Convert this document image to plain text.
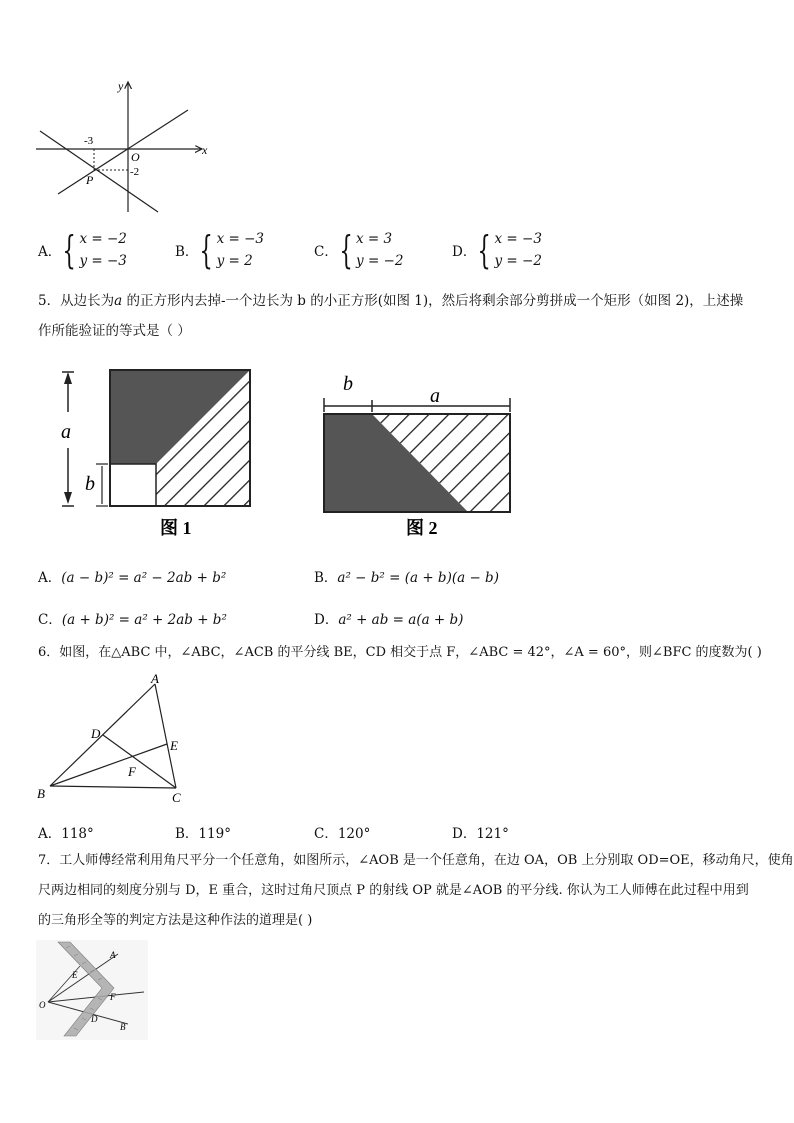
y
x
O
P
-3
-2
A． { x = −2
y = −3
B． { x = −3
y = 2
C． { x = 3
y = −2
D． { x = −3
y = −2
5．从边长为a 的正方形内去掉-一个边长为 b 的小正方形(如图 1)，然后将剩余部分剪拼成一个矩形（如图 2)，上述操
作所能验证的等式是（ ）
a
b
图 1
b
a
图 2
A．(a − b)² = a² − 2ab + b²	B．a² − b² = (a + b)(a − b)
C．(a + b)² = a² + 2ab + b²	D．a² + ab = a(a + b)
6．如图，在△ABC 中，∠ABC，∠ACB 的平分线 BE，CD 相交于点 F，∠ABC = 42°，∠A = 60°，则∠BFC 的度数为( )
A
B	C
D
E
F
A．118°	B．119°	C．120°	D．121°
7．工人师傅经常利用角尺平分一个任意角，如图所示，∠AOB 是一个任意角，在边 OA，OB 上分别取 OD=OE，移动角尺，使角
尺两边相同的刻度分别与 D，E 重合，这时过角尺顶点 P 的射线 OP 就是∠AOB 的平分线. 你认为工人师傅在此过程中用到
的三角形全等的判定方法是这种作法的道理是( )
O
A
B
E
D
F
